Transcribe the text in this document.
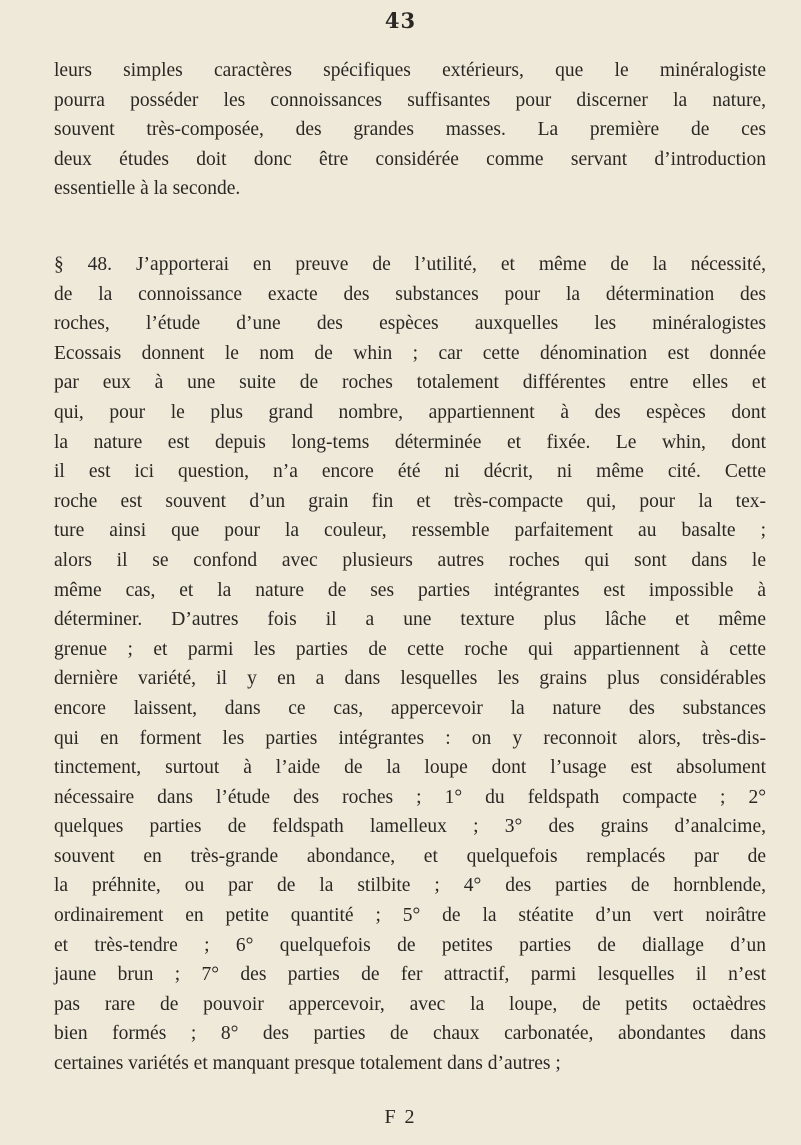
43
leurs simples caractères spécifiques extérieurs, que le minéralogiste
pourra posséder les connoissances suffisantes pour discerner la nature,
souvent très-composée, des grandes masses. La première de ces
deux études doit donc être considérée comme servant d’introduction
essentielle à la seconde.
§ 48. J’apporterai en preuve de l’utilité, et même de la nécessité,
de la connoissance exacte des substances pour la détermination des
roches, l’étude d’une des espèces auxquelles les minéralogistes
Ecossais donnent le nom de whin ; car cette dénomination est donnée
par eux à une suite de roches totalement différentes entre elles et
qui, pour le plus grand nombre, appartiennent à des espèces dont
la nature est depuis long-tems déterminée et fixée. Le whin, dont
il est ici question, n’a encore été ni décrit, ni même cité. Cette
roche est souvent d’un grain fin et très-compacte qui, pour la tex-
ture ainsi que pour la couleur, ressemble parfaitement au basalte ;
alors il se confond avec plusieurs autres roches qui sont dans le
même cas, et la nature de ses parties intégrantes est impossible à
déterminer. D’autres fois il a une texture plus lâche et même
grenue ; et parmi les parties de cette roche qui appartiennent à cette
dernière variété, il y en a dans lesquelles les grains plus considérables
encore laissent, dans ce cas, appercevoir la nature des substances
qui en forment les parties intégrantes : on y reconnoit alors, très-dis-
tinctement, surtout à l’aide de la loupe dont l’usage est absolument
nécessaire dans l’étude des roches ; 1° du feldspath compacte ; 2°
quelques parties de feldspath lamelleux ; 3° des grains d’analcime,
souvent en très-grande abondance, et quelquefois remplacés par de
la préhnite, ou par de la stilbite ; 4° des parties de hornblende,
ordinairement en petite quantité ; 5° de la stéatite d’un vert noirâtre
et très-tendre ; 6° quelquefois de petites parties de diallage d’un
jaune brun ; 7° des parties de fer attractif, parmi lesquelles il n’est
pas rare de pouvoir appercevoir, avec la loupe, de petits octaèdres
bien formés ; 8° des parties de chaux carbonatée, abondantes dans
certaines variétés et manquant presque totalement dans d’autres ;
F 2
